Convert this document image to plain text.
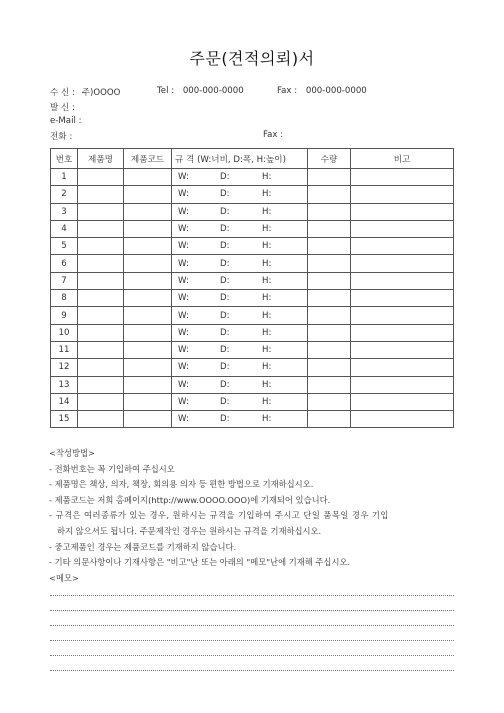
주문(견적의뢰)서
수 신 : 주)OOOO	Tel : 000-000-0000	Fax : 000-000-0000
발 신 :
e-Mail :
전화 :	Fax :
번호	제품명	제품코드	규 격 (W:너비, D:폭, H:높이)	수량	비고
1			W: D: H:		
2			W: D: H:		
3			W: D: H:		
4			W: D: H:		
5			W: D: H:		
6			W: D: H:		
7			W: D: H:		
8			W: D: H:		
9			W: D: H:		
10			W: D: H:		
11			W: D: H:		
12			W: D: H:		
13			W: D: H:		
14			W: D: H:		
15			W: D: H:		
<작성방법>
- 전화번호는 꼭 기입하여 주십시오
- 제품명은 책상, 의자, 책장, 회의용 의자 등 편한 방법으로 기재하십시오.
- 제품코드는 저희 홈페이지(http://www.OOOO.OOO)에 기재되어 있습니다.
- 규격은 여러종류가 있는 경우, 원하시는 규격을 기입하여 주시고 단일 품목일 경우 기입
하지 않으셔도 됩니다. 주문제작인 경우는 원하시는 규격을 기재하십시오.
- 중고제품인 경우는 제품코드를 기재하지 않습니다.
- 기타 의문사항이나 기재사항은 "비고"난 또는 아래의 "메모"난에 기재해 주십시오.
<메모>
